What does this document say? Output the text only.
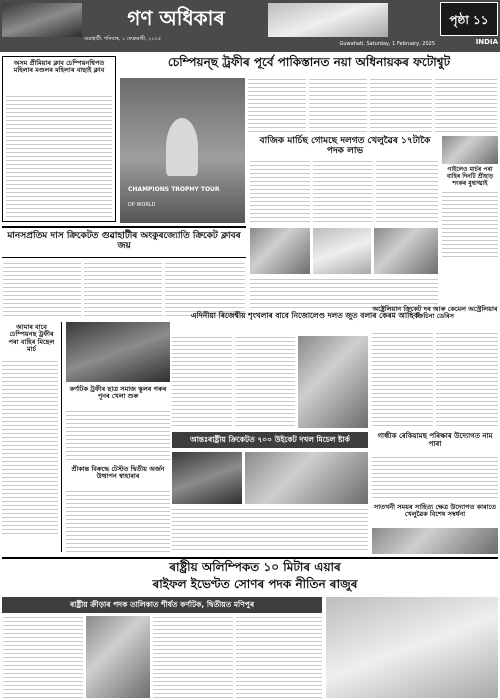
গণ অধিকাৰ
গুৱাহাটী, শনিবাৰ, ১ ফেব্ৰুৱাৰী, ২০২৫
Guwahati, Saturday, 1 February, 2025
পৃষ্ঠা ১১
INDIA
চেম্পিয়ন্ছ ট্ৰফীৰ পূৰ্বে পাকিস্তানত নয়া অধিনায়কৰ ফটোশ্বুট
অসম প্ৰীমিয়াৰ ক্লাব চেম্পিয়নশ্বিপত মহিলাৰ মণ্ডলৰ মহিলাৰ বাছাই ক্লাব
CHAMPIONS TROPHY TOUR
DP WORLD
বাজিক মাৰ্চিছ গোমছে দলগত খেলুৱৈৰ ১৭টাকৈ পদক লাভ
গাইলেও মাৰ্চৰ পৰা বাহিৰ দিনটি শ্ৰীহাড় শংকৰ মুম্বাত্মাই
মানসপ্ৰতিম দাস ক্ৰিকেটত গুৱাহাটীৰ অংকুৰজ্যোতি ক্ৰিকেট ক্লাবৰ জয়
এদিনীয়া ৰিজেশ্বীয় শৃংখলাৰ বাবে নিজোলেণ্ড দলত জুত বলাৰ কেৰম আছিক
আমাৰ বাবে চেম্পিয়নছ ট্ৰফীৰ পৰা বাহিৰ মিছেল মাৰ্চ
কৰ্ণাটক ট্ৰফীৰ ছাত্ৰ সমাজ স্কুলৰ গৰুৰ পুনৰ খেলা শুৰু
অষ্ট্ৰেলিয়ান ক্ৰিকেট দৰ আৰু কেমেল অস্ট্ৰেলিয়াৰ ক্ৰিচিনা ডেৰিস
আন্তঃৰাষ্ট্ৰীয় ক্ৰিকেটত ৭০০ উইকেট দখল মিচেল ষ্টাৰ্ক	গান্ধীক ৰেকিয়ামছ পৰিক্ষাৰ উদ্যোগত নাম পাৰা
শ্ৰীকান্ত বিৰুদ্ধে টেস্টত দ্বিতীয় অৰ্জন উত্থাপন স্বাহাৰাৰ
সাতখনী সময়ৰ সাহিত্য ক্ষেত্ৰ উদ্যোগত কাৰাতে খেলুৱৈক বিশেষ সম্বৰ্ধনা
ৰাষ্ট্ৰীয় অলিম্পিকত ১০ মিটাৰ এয়াৰ
ৰাইফল ইভেণ্টত সোণৰ পদক নীতিন ৰাজুৰ
ৰাষ্ট্ৰীয় ক্ৰীড়াৰ পদক তালিকাত শীৰ্ষত কৰ্ণাটক, দ্বিতীয়ত মণিপুৰ
